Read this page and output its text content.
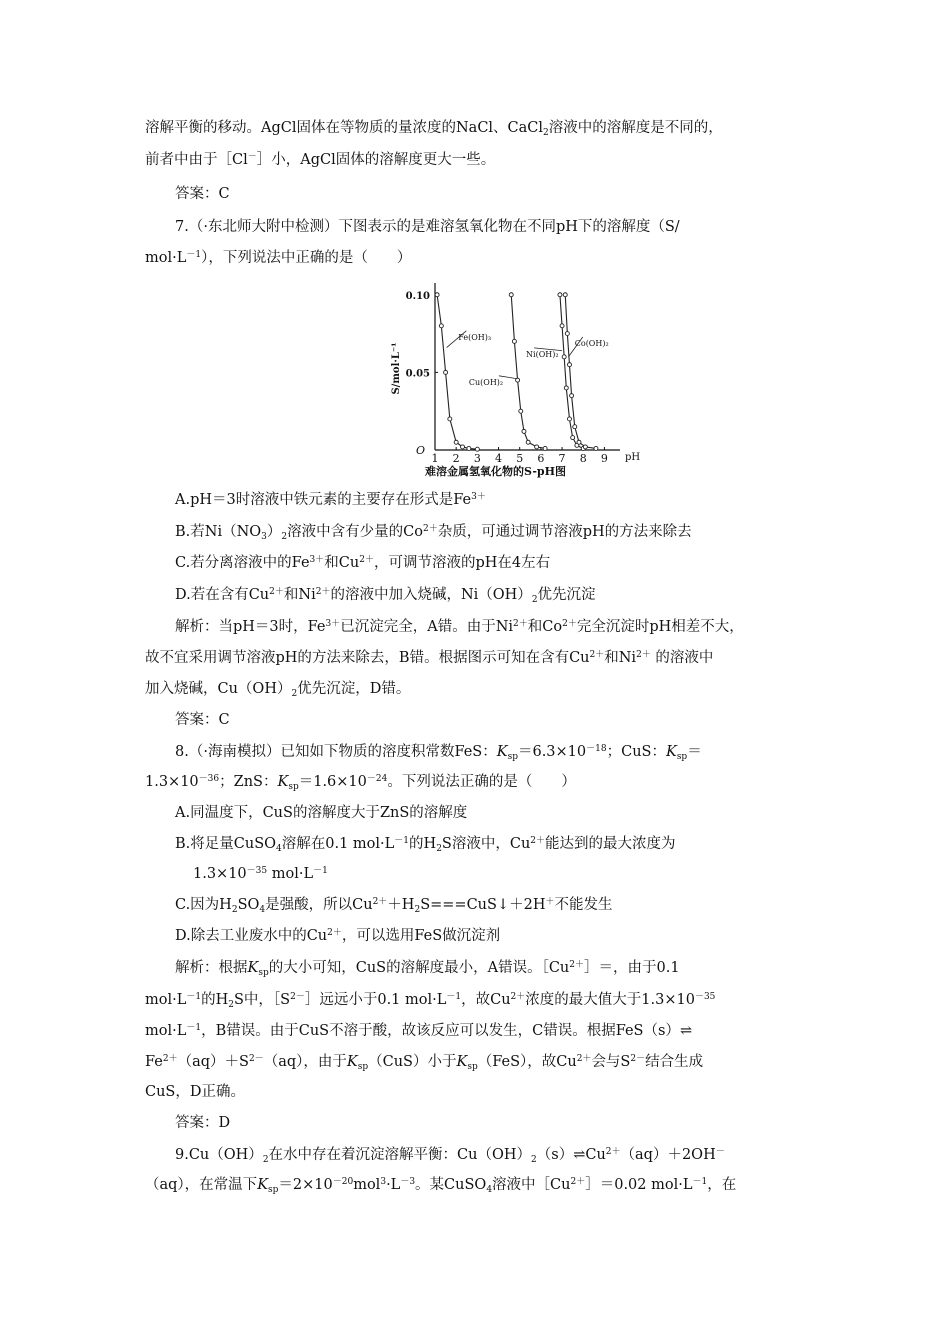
溶解平衡的移动。AgCl固体在等物质的量浓度的NaCl、CaCl$_2$溶液中的溶解度是不同的，
前者中由于［Cl－］小，AgCl固体的溶解度更大一些。
答案：C
7.（·东北师大附中检测）下图表示的是难溶氢氧化物在不同pH下的溶解度（S/
$mol\cdot L^{-1}$），下列说法中正确的是（　　）
1 2 3 4 5 6 7 8 9 pH
0.10
0.05
O
S/mol·L⁻¹
Fe(OH)₃
Cu(OH)₂
Ni(OH)₂
Co(OH)₂
难溶金属氢氧化物的S-pH图
A.pH＝3时溶液中铁元素的主要存在形式是$Fe^{3+}$
B.若$Ni(NO_3)_2$溶液中含有少量的$Co^{2+}$杂质，可通过调节溶液pH的方法来除去
C.若分离溶液中的$Fe^{3+}$和$Cu^{2+}$，可调节溶液的pH在4左右
D.若在含有$Cu^{2+}$和$Ni^{2+}$的溶液中加入烧碱，$Ni(OH)_2$优先沉淀
解析：当pH＝3时，$Fe^{3+}$已沉淀完全，A错。由于$Ni^{2+}$和$Co^{2+}$完全沉淀时pH相差不大，
故不宜采用调节溶液pH的方法来除去，B错。根据图示可知在含有$Cu^{2+}$和$Ni^{2+}$ 的溶液中
加入烧碱，$Cu(OH)_2$优先沉淀，D错。
答案：C
8.（·海南模拟）已知如下物质的溶度积常数FeS：$K_{sp}=6.3\times 10^{-18}$；CuS：$K_{sp}=$
$1.3\times 10^{-36}$；ZnS：$K_{sp}=1.6\times 10^{-24}$。下列说法正确的是（　　）
A.同温度下，CuS的溶解度大于ZnS的溶解度
B.将足量CuSO$_4$溶解在0.1 $mol\cdot L^{-1}$的$H_2S$溶液中，$Cu^{2+}$能达到的最大浓度为
$1.3\times 10^{-35}$ $mol\cdot L^{-1}$
C.因为$H_2SO_4$是强酸，所以$Cu^{2+}+H_2S===CuS↓+2H^+$不能发生
D.除去工业废水中的$Cu^{2+}$，可以选用FeS做沉淀剂
解析：根据$K_{sp}$的大小可知，CuS的溶解度最小，A错误。$[Cu^{2+}]=$，由于0.1
$mol\cdot L^{-1}$的$H_2S$中，$[S^{2-}]$远远小于0.1 $mol\cdot L^{-1}$，故$Cu^{2+}$浓度的最大值大于$1.3\times 10^{-35}$
$mol\cdot L^{-1}$，B错误。由于CuS不溶于酸，故该反应可以发生，C错误。根据FeS（s）⇌
$Fe^{2+}(aq)+S^{2-}(aq)$，由于$K_{sp}(CuS)$小于$K_{sp}(FeS)$，故$Cu^{2+}$会与$S^{2-}$结合生成
CuS，D正确。
答案：D
$9.Cu(OH)_2$在水中存在着沉淀溶解平衡：$Cu(OH)_2(s)\rightleftharpoons Cu^{2+}(aq)+2OH^-$
（aq），在常温下$K_{sp}=2\times 10^{-20}mol^3\cdot L^{-3}$。某CuSO$_4$溶液中$[Cu^{2+}]=0.02$ $mol\cdot L^{-1}$，在
